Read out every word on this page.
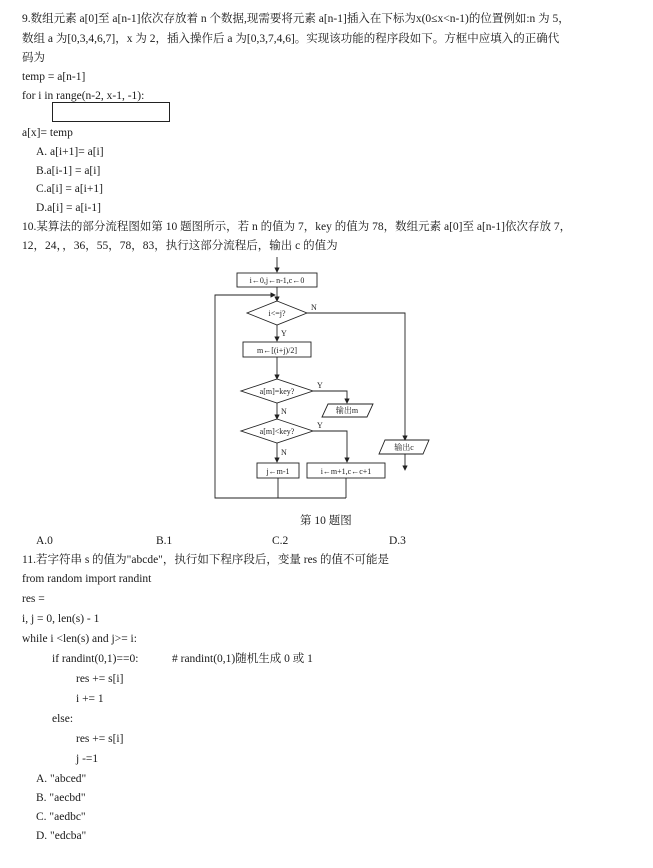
9.数组元素 a[0]至 a[n-1]依次存放着 n 个数据,现需要将元素 a[n-1]插入在下标为x(0≤x<n-1)的位置例如:n 为 5，
数组 a 为[0,3,4,6,7]，x 为 2，插入操作后 a 为[0,3,7,4,6]。实现该功能的程序段如下。方框中应填入的正确代
码为
temp = a[n-1]
for i in range(n-2, x-1, -1):
a[x]= temp
A. a[i+1]= a[i]
B.a[i-1] = a[i]
C.a[i] = a[i+1]
D.a[i] = a[i-1]
10.某算法的部分流程图如第 10 题图所示，若 n 的值为 7，key 的值为 78，数组元素 a[0]至 a[n-1]依次存放 7，
12，24，，36，55，78，83，执行这部分流程后，输出 c 的值为
i←0,j←n-1,c←0
i<=j?
N
Y
m←[(i+j)/2]
a[m]=key?
Y
N	输出m
a[m]<key?
Y
N
输出c
j←m-1	i←m+1,c←c+1
第 10 题图
A.0	B.1	C.2	D.3
11.若字符串 s 的值为"abcde"，执行如下程序段后，变量 res 的值不可能是
from random import randint
res =
i, j = 0, len(s) - 1
while i <len(s) and j>= i:
if randint(0,1)==0:	# randint(0,1)随机生成 0 或 1
res += s[i]
i += 1
else:
res += s[i]
j -=1
A. "abced"
B. "aecbd"
C. "aedbc"
D. "edcba"
